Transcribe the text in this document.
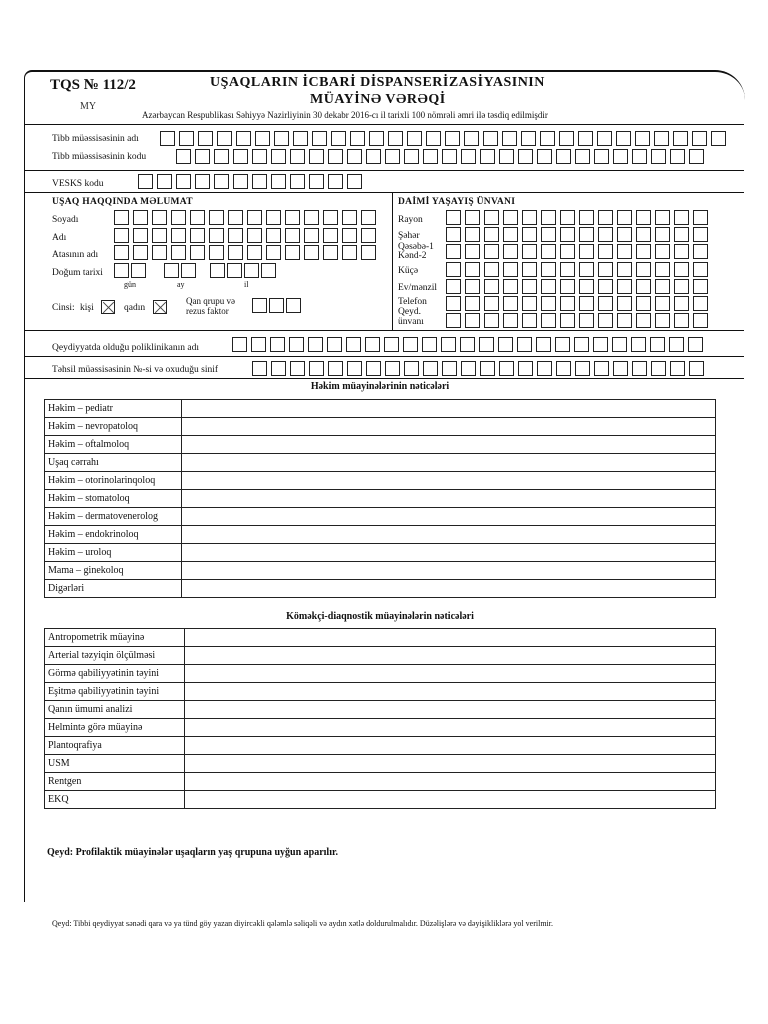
TQS № 112/2
MY
UŞAQLARIN İCBARİ DİSPANSERİZASİYASININ
MÜAYİNƏ VƏRƏQİ
Azərbaycan Respublikası Səhiyyə Nazirliyinin 30 dekabr 2016-cı il tarixli 100 nömrəli əmri ilə təsdiq edilmişdir
Tibb müəssisəsinin adı
Tibb müəssisəsinin kodu
VESKS kodu
UŞAQ HAQQINDA MƏLUMAT
Soyadı
Adı
Atasının adı
Doğum tarixi
gün	ay	il
Cinsi: kişi	qadın
Qan qrupu və
rezus faktor
DAİMİ YAŞAYIŞ ÜNVANI
Rayon
Şəhər
Qəsəbə-1
Kənd-2
Küçə
Ev/mənzil
Telefon
Qeyd.
ünvanı
Qeydiyyatda olduğu poliklinikanın adı
Təhsil müəssisəsinin №-si və oxuduğu sinif
Həkim müayinələrinin nəticələri
Həkim – pediatr	
Həkim – nevropatoloq	
Həkim – oftalmoloq	
Uşaq cərrahı	
Həkim – otorinolarinqoloq	
Həkim – stomatoloq	
Həkim – dermatovenerolog	
Həkim – endokrinoloq	
Həkim – uroloq	
Mama – ginekoloq	
Digərləri	
Köməkçi-diaqnostik müayinələrin nəticələri
Antropometrik müayinə	
Arterial təzyiqin ölçülməsi	
Görmə qabiliyyətinin təyini	
Eşitmə qabiliyyətinin təyini	
Qanın ümumi analizi	
Helmintə görə müayinə	
Plantoqrafiya	
USM	
Rentgen	
EKQ	
Qeyd: Profilaktik müayinələr uşaqların yaş qrupuna uyğun aparılır.
Qeyd: Tibbi qeydiyyat sənədi qara və ya tünd göy yazan diyircəkli qələmlə səliqəli və aydın xətlə doldurulmalıdır. Düzəlişlərə və dəyişikliklərə yol verilmir.
